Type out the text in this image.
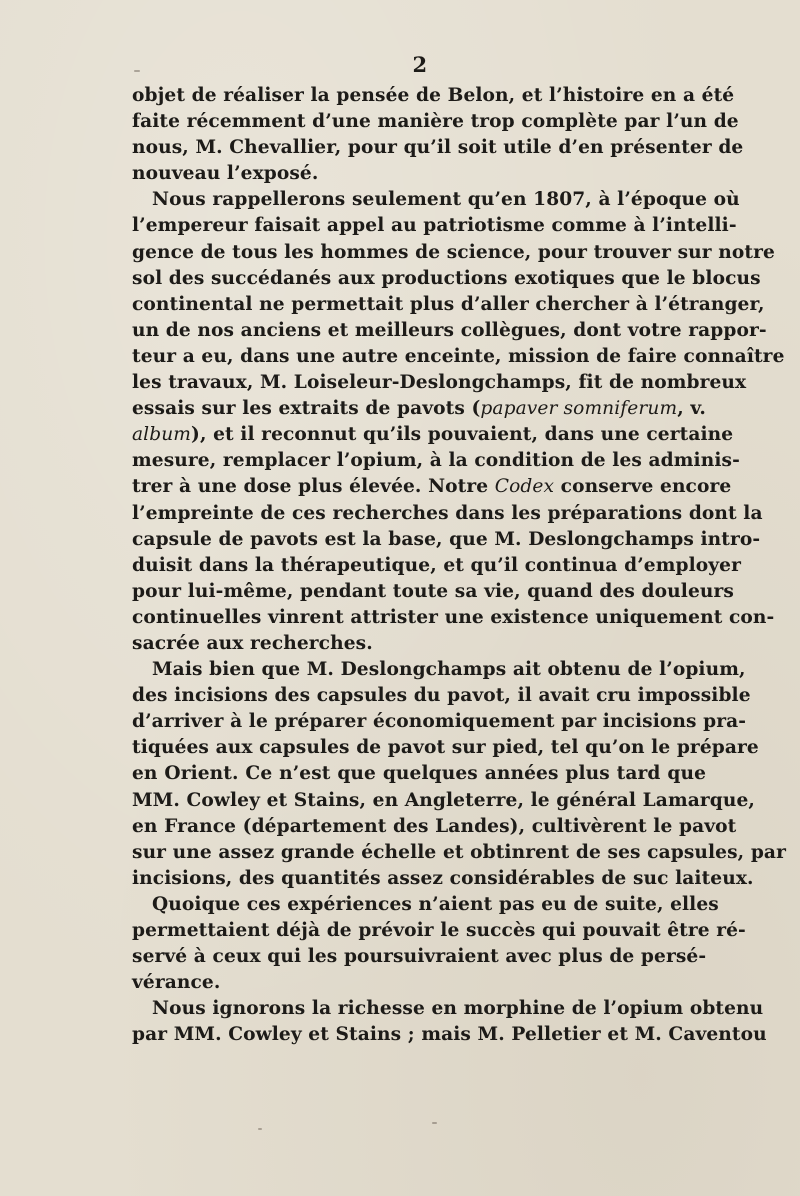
2

objet de réaliser la pensée de Belon, et l’histoire en a été
faite récemment d’une manière trop complète par l’un de
nous, M. Chevallier, pour qu’il soit utile d’en présenter de
nouveau l’exposé.

Nous rappellerons seulement qu’en 1807, à l’époque où
l’empereur faisait appel au patriotisme comme à l’intelli-
gence de tous les hommes de science, pour trouver sur notre
sol des succédanés aux productions exotiques que le blocus
continental ne permettait plus d’aller chercher à l’étranger,
un de nos anciens et meilleurs collègues, dont votre rappor-
teur a eu, dans une autre enceinte, mission de faire connaître
les travaux, M. Loiseleur-Deslongchamps, fit de nombreux
essais sur les extraits de pavots (papaver somniferum, v.
album), et il reconnut qu’ils pouvaient, dans une certaine
mesure, remplacer l’opium, à la condition de les adminis-
trer à une dose plus élevée. Notre Codex conserve encore
l’empreinte de ces recherches dans les préparations dont la
capsule de pavots est la base, que M. Deslongchamps intro-
duisit dans la thérapeutique, et qu’il continua d’employer
pour lui-même, pendant toute sa vie, quand des douleurs
continuelles vinrent attrister une existence uniquement con-
sacrée aux recherches.

Mais bien que M. Deslongchamps ait obtenu de l’opium,
des incisions des capsules du pavot, il avait cru impossible
d’arriver à le préparer économiquement par incisions pra-
tiquées aux capsules de pavot sur pied, tel qu’on le prépare
en Orient. Ce n’est que quelques années plus tard que
MM. Cowley et Stains, en Angleterre, le général Lamarque,
en France (département des Landes), cultivèrent le pavot
sur une assez grande échelle et obtinrent de ses capsules, par
incisions, des quantités assez considérables de suc laiteux.

Quoique ces expériences n’aient pas eu de suite, elles
permettaient déjà de prévoir le succès qui pouvait être ré-
servé à ceux qui les poursuivraient avec plus de persé-
vérance.

Nous ignorons la richesse en morphine de l’opium obtenu
par MM. Cowley et Stains ; mais M. Pelletier et M. Caventou
